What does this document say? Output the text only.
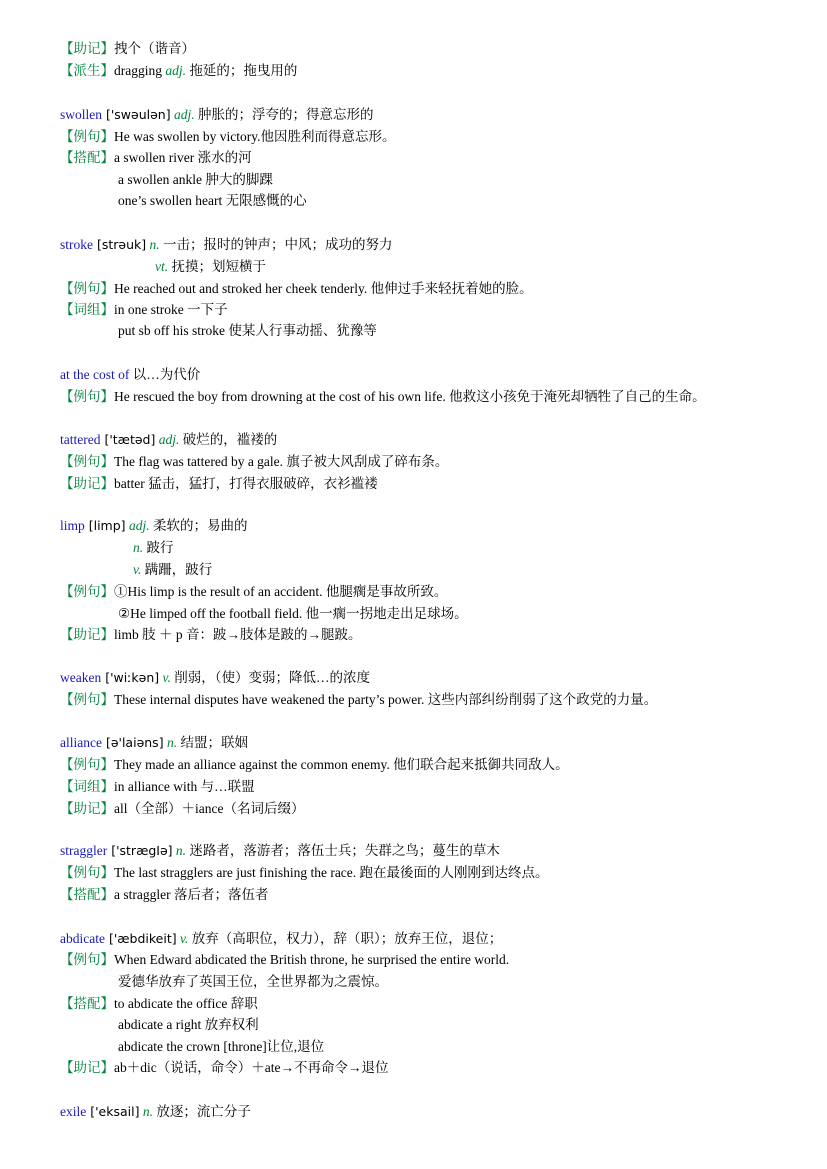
【助记】拽个（谐音）
【派生】dragging adj. 拖延的；拖曳用的
swollen ['swəulən] adj. 肿胀的；浮夸的；得意忘形的
【例句】He was swollen by victory.他因胜利而得意忘形。
【搭配】a swollen river 涨水的河
a swollen ankle 肿大的脚踝
one’s swollen heart 无限感慨的心
stroke [strəuk] n. 一击；报时的钟声；中风；成功的努力
vt. 抚摸；划短横于
【例句】He reached out and stroked her cheek tenderly. 他伸过手来轻抚着她的脸。
【词组】in one stroke 一下子
put sb off his stroke 使某人行事动摇、犹豫等
at the cost of 以…为代价
【例句】He rescued the boy from drowning at the cost of his own life. 他救这小孩免于淹死却牺牲了自己的生命。
tattered ['tætəd] adj. 破烂的，褴褛的
【例句】The flag was tattered by a gale. 旗子被大风刮成了碎布条。
【助记】batter 猛击，猛打，打得衣服破碎，衣衫褴褛
limp [limp] adj. 柔软的；易曲的
n. 跛行
v. 蹒跚，跛行
【例句】①His limp is the result of an accident. 他腿瘸是事故所致。
②He limped off the football field. 他一瘸一拐地走出足球场。
【助记】limb 肢 ＋ p 音：跛→肢体是跛的→腿跛。
weaken ['wiːkən] v. 削弱，（使）变弱；降低…的浓度
【例句】These internal disputes have weakened the party’s power. 这些内部纠纷削弱了这个政党的力量。
alliance [ə'laiəns] n. 结盟；联姻
【例句】They made an alliance against the common enemy. 他们联合起来抵御共同敌人。
【词组】in alliance with 与…联盟
【助记】all（全部）＋iance（名词后缀）
straggler ['strægIə] n. 迷路者，落游者；落伍士兵；失群之鸟；蔓生的草木
【例句】The last stragglers are just finishing the race. 跑在最後面的人刚刚到达终点。
【搭配】a straggler 落后者；落伍者
abdicate ['æbdikeit] v. 放弃（高职位，权力），辞（职）；放弃王位，退位；
【例句】When Edward abdicated the British throne, he surprised the entire world.
爱德华放弃了英国王位，全世界都为之震惊。
【搭配】to abdicate the office 辞职
abdicate a right 放弃权利
abdicate the crown [throne]让位,退位
【助记】ab＋dic（说话，命令）＋ate→不再命令→退位
exile ['eksail] n. 放逐；流亡分子
